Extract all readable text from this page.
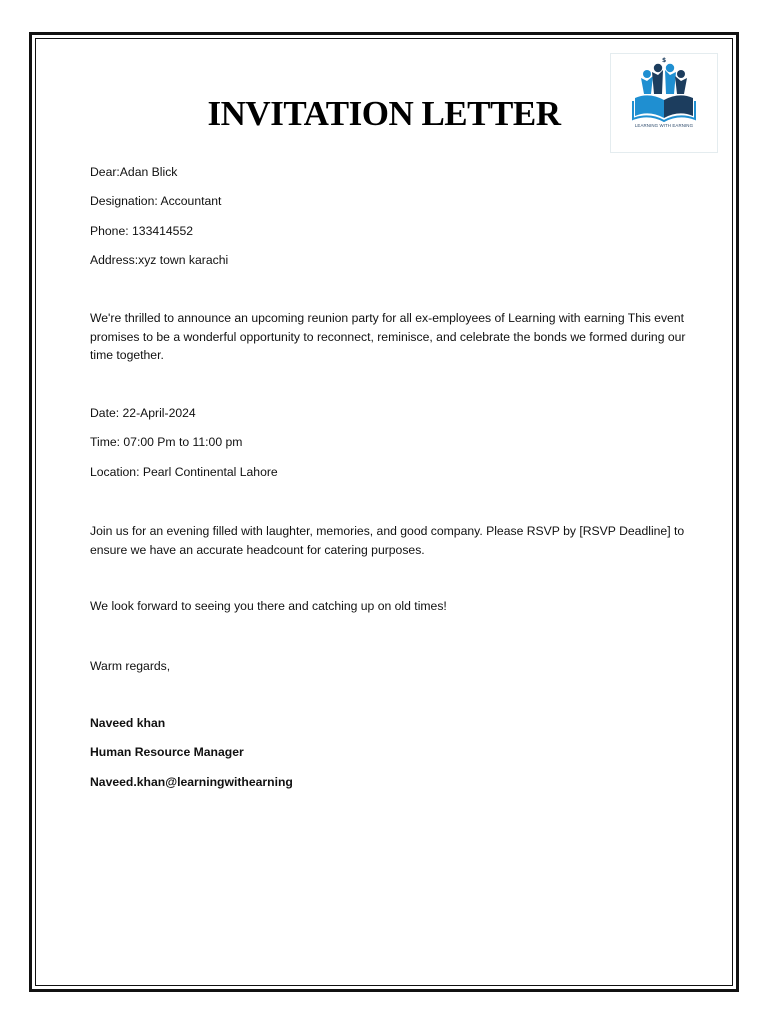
INVITATION LETTER
$
LEARNING WITH EARNING
Dear:Adan Blick
Designation: Accountant
Phone: 133414552
Address:xyz town karachi
We're thrilled to announce an upcoming reunion party for all ex-employees of Learning with earning This event promises to be a wonderful opportunity to reconnect, reminisce, and celebrate the bonds we formed during our time together.
Date: 22-April-2024
Time: 07:00 Pm to 11:00 pm
Location: Pearl Continental Lahore
Join us for an evening filled with laughter, memories, and good company. Please RSVP by [RSVP Deadline] to ensure we have an accurate headcount for catering purposes.
We look forward to seeing you there and catching up on old times!
Warm regards,
Naveed khan
Human Resource Manager
Naveed.khan@learningwithearning
